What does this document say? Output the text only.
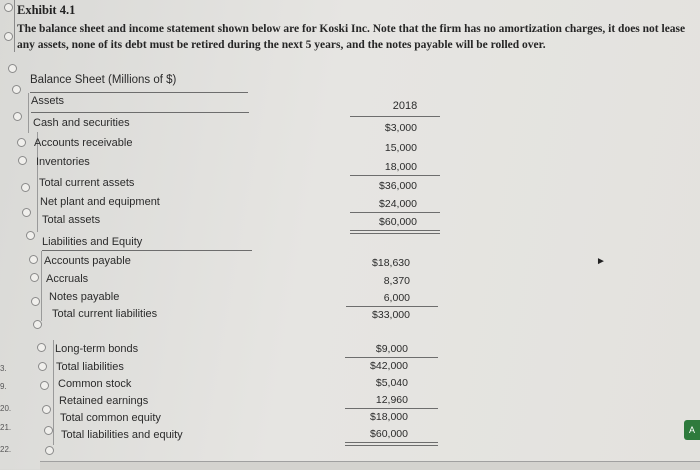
Exhibit 4.1
The balance sheet and income statement shown below are for Koski Inc. Note that the firm has no amortization charges, it does not lease any assets, none of its debt must be retired during the next 5 years, and the notes payable will be rolled over.
3.
9.
20.
21.
22.
Balance Sheet (Millions of $)
Assets	2018
Cash and securities	$3,000
Accounts receivable	15,000
Inventories	18,000
Total current assets	$36,000
Net plant and equipment	$24,000
Total assets	$60,000
Liabilities and Equity
Accounts payable	$18,630
Accruals	8,370
Notes payable	6,000
Total current liabilities	$33,000
Long-term bonds	$9,000
Total liabilities	$42,000
Common stock	$5,040
Retained earnings	12,960
Total common equity	$18,000
Total liabilities and equity	$60,000
►
A
